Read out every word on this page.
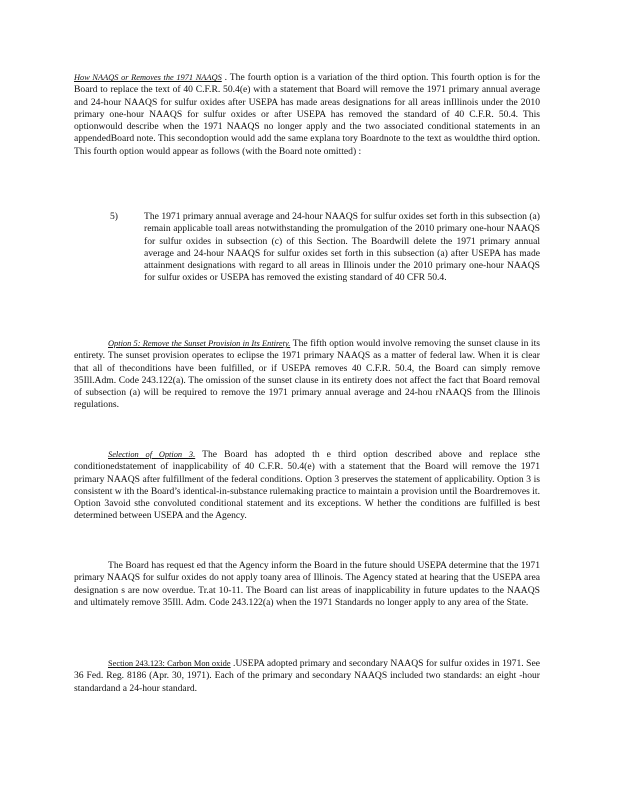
How NAAQS or Removes the 1971 NAAQS . The fourth option is a variation of the third option. This fourth option is for the Board to replace the text of 40 C.F.R. 50.4(e) with a statement that Board will remove the 1971 primary annual average and 24-hour NAAQS for sulfur oxides after USEPA has made areas designations for all areas inIllinois under the 2010 primary one-hour NAAQS for sulfur oxides or after USEPA has removed the standard of 40 C.F.R. 50.4. This optionwould describe when the 1971 NAAQS no longer apply and the two associated conditional statements in an appendedBoard note. This secondoption would add the same explana tory Boardnote to the text as wouldthe third option. This fourth option would appear as follows (with the Board note omitted) :

5)	The 1971 primary annual average and 24-hour NAAQS for sulfur oxides set forth in this subsection (a) remain applicable toall areas notwithstanding the promulgation of the 2010 primary one-hour NAAQS for sulfur oxides in subsection (c) of this Section. The Boardwill delete the 1971 primary annual average and 24-hour NAAQS for sulfur oxides set forth in this subsection (a) after USEPA has made attainment designations with regard to all areas in Illinois under the 2010 primary one-hour NAAQS for sulfur oxides or USEPA has removed the existing standard of 40 CFR 50.4.

Option 5: Remove the Sunset Provision in Its Entirety. The fifth option would involve removing the sunset clause in its entirety. The sunset provision operates to eclipse the 1971 primary NAAQS as a matter of federal law. When it is clear that all of theconditions have been fulfilled, or if USEPA removes 40 C.F.R. 50.4, the Board can simply remove 35Ill.Adm. Code 243.122(a). The omission of the sunset clause in its entirety does not affect the fact that Board removal of subsection (a) will be required to remove the 1971 primary annual average and 24-hou rNAAQS from the Illinois regulations.

Selection of Option 3. The Board has adopted th e third option described above and replace sthe conditionedstatement of inapplicability of 40 C.F.R. 50.4(e) with a statement that the Board will remove the 1971 primary NAAQS after fulfillment of the federal conditions. Option 3 preserves the statement of applicability. Option 3 is consistent w ith the Board’s identical-in-substance rulemaking practice to maintain a provision until the Boardremoves it. Option 3avoid sthe convoluted conditional statement and its exceptions. W hether the conditions are fulfilled is best determined between USEPA and the Agency.

The Board has request ed that the Agency inform the Board in the future should USEPA determine that the 1971 primary NAAQS for sulfur oxides do not apply toany area of Illinois. The Agency stated at hearing that the USEPA area designation s are now overdue. Tr.at 10-11. The Board can list areas of inapplicability in future updates to the NAAQS and ultimately remove 35Ill. Adm. Code 243.122(a) when the 1971 Standards no longer apply to any area of the State.

Section 243.123: Carbon Mon oxide .USEPA adopted primary and secondary NAAQS for sulfur oxides in 1971. See 36 Fed. Reg. 8186 (Apr. 30, 1971). Each of the primary and secondary NAAQS included two standards: an eight -hour standardand a 24-hour standard.
